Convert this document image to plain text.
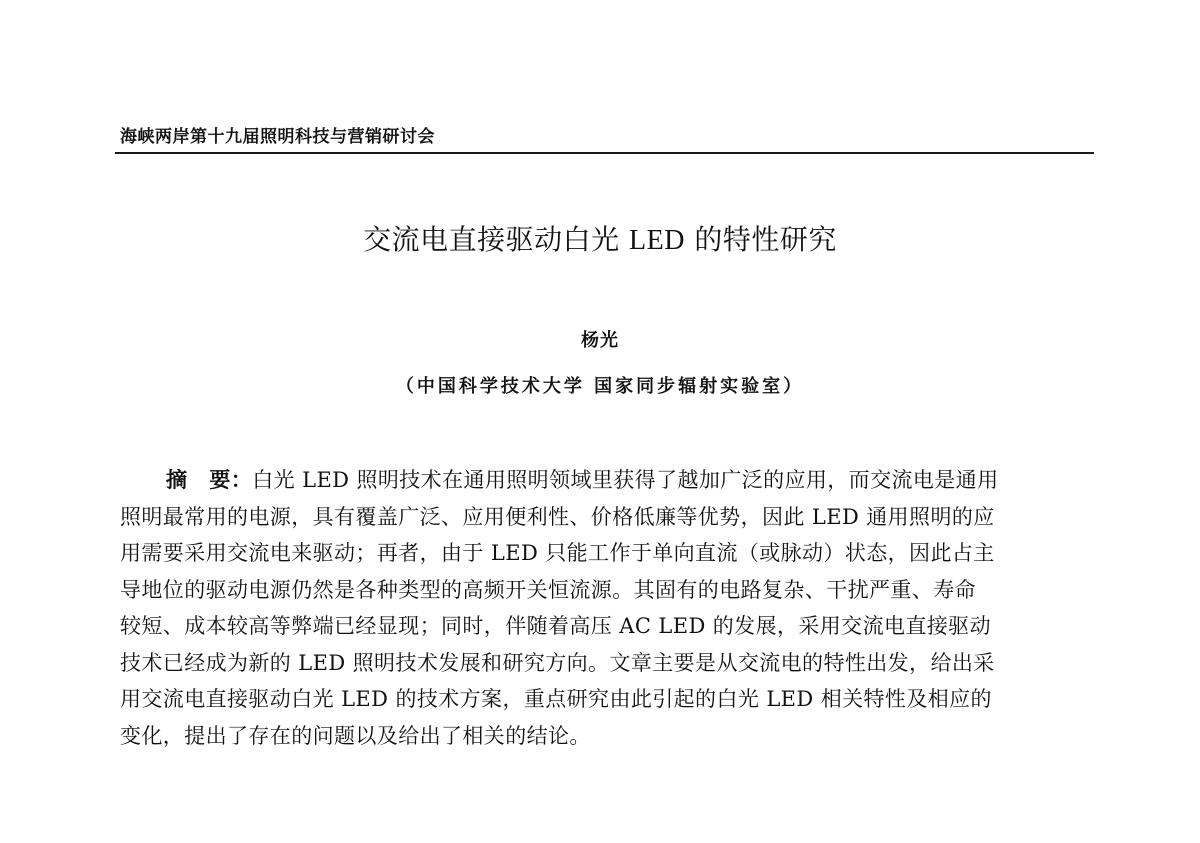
海峡两岸第十九届照明科技与营销研讨会
交流电直接驱动白光 LED 的特性研究
杨光
（中国科学技术大学 国家同步辐射实验室）
摘 要：白光 LED 照明技术在通用照明领域里获得了越加广泛的应用，而交流电是通用
照明最常用的电源，具有覆盖广泛、应用便利性、价格低廉等优势，因此 LED 通用照明的应
用需要采用交流电来驱动；再者，由于 LED 只能工作于单向直流（或脉动）状态，因此占主
导地位的驱动电源仍然是各种类型的高频开关恒流源。其固有的电路复杂、干扰严重、寿命
较短、成本较高等弊端已经显现；同时，伴随着高压 AC LED 的发展，采用交流电直接驱动
技术已经成为新的 LED 照明技术发展和研究方向。文章主要是从交流电的特性出发，给出采
用交流电直接驱动白光 LED 的技术方案，重点研究由此引起的白光 LED 相关特性及相应的
变化，提出了存在的问题以及给出了相关的结论。
